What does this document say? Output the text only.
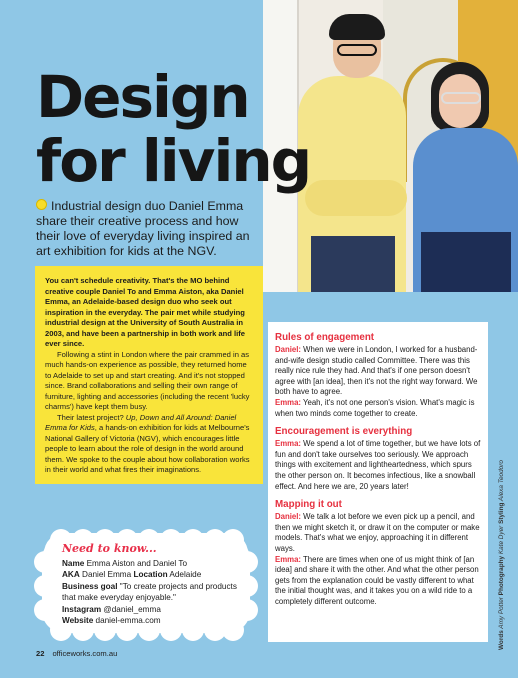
Design
for living

Industrial design duo Daniel Emma share their creative process and how their love of everyday living inspired an art exhibition for kids at the NGV.

You can't schedule creativity. That's the MO behind creative couple Daniel To and Emma Aiston, aka Daniel Emma, an Adelaide-based design duo who seek out inspiration in the everyday. The pair met while studying industrial design at the University of South Australia in 2003, and have been a partnership in both work and life ever since.

Following a stint in London where the pair crammed in as much hands-on experience as possible, they returned home to Adelaide to set up and start creating. And it's not stopped since. Brand collaborations and selling their own range of furniture, lighting and accessories (including the recent 'lucky charms') have kept them busy.

Their latest project? Up, Down and All Around: Daniel Emma for Kids, a hands-on exhibition for kids at Melbourne's National Gallery of Victoria (NGV), which encourages little people to learn about the role of design in the world around them. We spoke to the couple about how collaboration works in their world and what fires their imaginations.

Need to know...
Name Emma Aiston and Daniel To
AKA Daniel Emma Location Adelaide
Business goal "To create projects and products that make everyday enjoyable."
Instagram @daniel_emma
Website daniel-emma.com
Rules of engagement

Daniel: When we were in London, I worked for a husband-and-wife design studio called Committee. There was this really nice rule they had. And that's if one person doesn't agree with [an idea], then it's not the right way forward. We both have to agree.

Emma: Yeah, it's not one person's vision. What's magic is when two minds come together to create.

Encouragement is everything

Emma: We spend a lot of time together, but we have lots of fun and don't take ourselves too seriously. We approach things with excitement and lightheartedness, which spurs the other person on. It becomes infectious, like a snowball effect. And here we are, 20 years later!

Mapping it out

Daniel: We talk a lot before we even pick up a pencil, and then we might sketch it, or draw it on the computer or make models. That's what we enjoy, approaching it in different ways.

Emma: There are times when one of us might think of [an idea] and share it with the other. And what the other person gets from the explanation could be vastly different to what the initial thought was, and it takes you on a wild ride to a completely different outcome.

Words Amy Potter Photography Kate Dyer Styling Alexa Teodoro
22 officeworks.com.au
